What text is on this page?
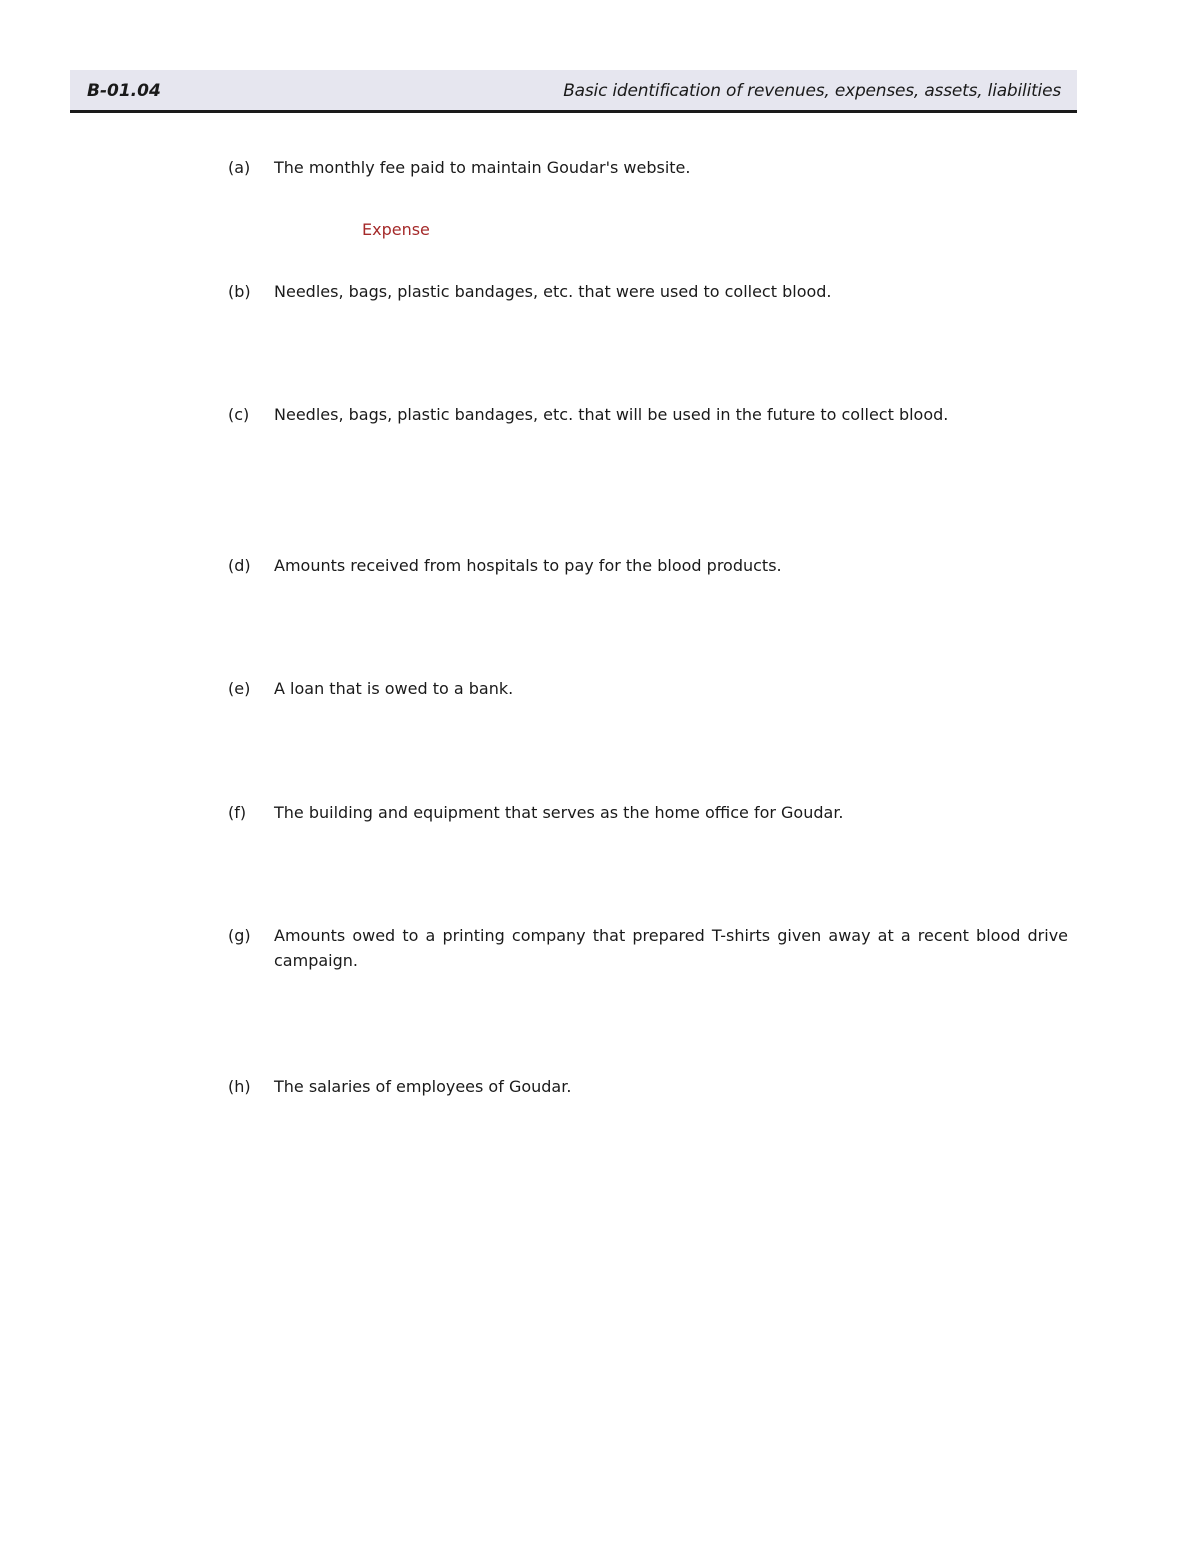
B-01.04	Basic identification of revenues, expenses, assets, liabilities
(a) The monthly fee paid to maintain Goudar's website.
Expense
(b) Needles, bags, plastic bandages, etc. that were used to collect blood.
(c) Needles, bags, plastic bandages, etc. that will be used in the future to collect blood.
(d) Amounts received from hospitals to pay for the blood products.
(e) A loan that is owed to a bank.
(f) The building and equipment that serves as the home office for Goudar.
(g) Amounts owed to a printing company that prepared T-shirts given away at a recent blood drive campaign.
(h) The salaries of employees of Goudar.
